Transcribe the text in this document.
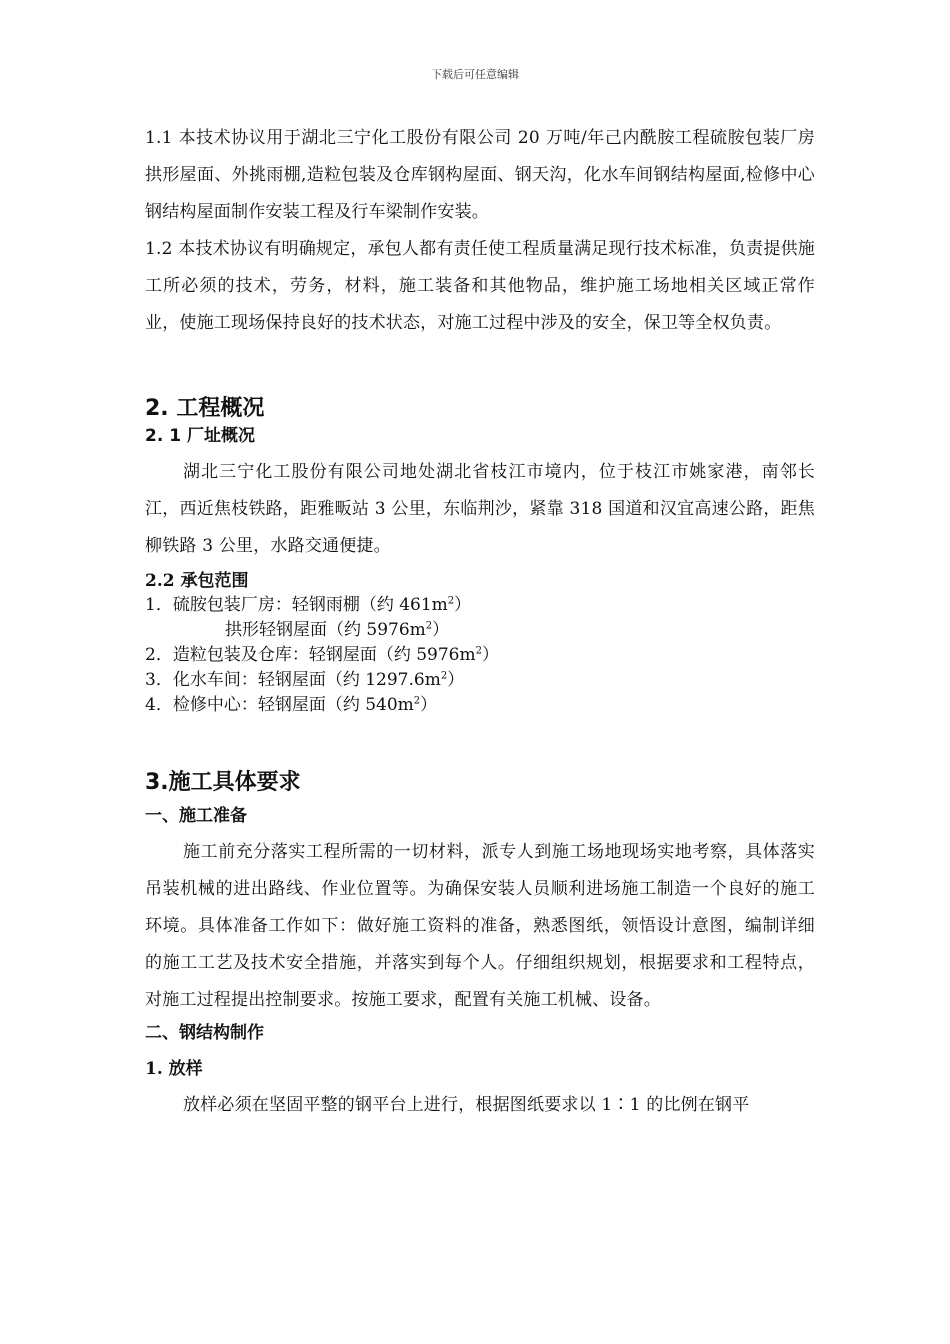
下载后可任意编辑

1.1 本技术协议用于湖北三宁化工股份有限公司 20 万吨/年己内酰胺工程硫胺包装厂房拱形屋面、外挑雨棚,造粒包装及仓库钢构屋面、钢天沟，化水车间钢结构屋面,检修中心钢结构屋面制作安装工程及行车梁制作安装。

1.2 本技术协议有明确规定，承包人都有责任使工程质量满足现行技术标准，负责提供施工所必须的技术，劳务，材料，施工装备和其他物品，维护施工场地相关区域正常作业，使施工现场保持良好的技术状态，对施工过程中涉及的安全，保卫等全权负责。

2. 工程概况
2. 1 厂址概况

湖北三宁化工股份有限公司地处湖北省枝江市境内，位于枝江市姚家港，南邻长江，西近焦枝铁路，距雅畈站 3 公里，东临荆沙，紧靠 318 国道和汉宜高速公路，距焦柳铁路 3 公里，水路交通便捷。

2.2 承包范围

1．硫胺包装厂房：轻钢雨棚（约 $461m^2$）

拱形轻钢屋面（约 $5976m^2$）

2．造粒包装及仓库：轻钢屋面（约 $5976m^2$）

3．化水车间：轻钢屋面（约 $1297.6m^2$）

4．检修中心：轻钢屋面（约 $540m^2$）

3.施工具体要求
一、施工准备

施工前充分落实工程所需的一切材料，派专人到施工场地现场实地考察，具体落实吊装机械的进出路线、作业位置等。为确保安装人员顺利进场施工制造一个良好的施工环境。具体准备工作如下：做好施工资料的准备，熟悉图纸，领悟设计意图，编制详细的施工工艺及技术安全措施，并落实到每个人。仔细组织规划，根据要求和工程特点，对施工过程提出控制要求。按施工要求，配置有关施工机械、设备。

二、钢结构制作
1. 放样

放样必须在坚固平整的钢平台上进行，根据图纸要求以 1∶1 的比例在钢平
